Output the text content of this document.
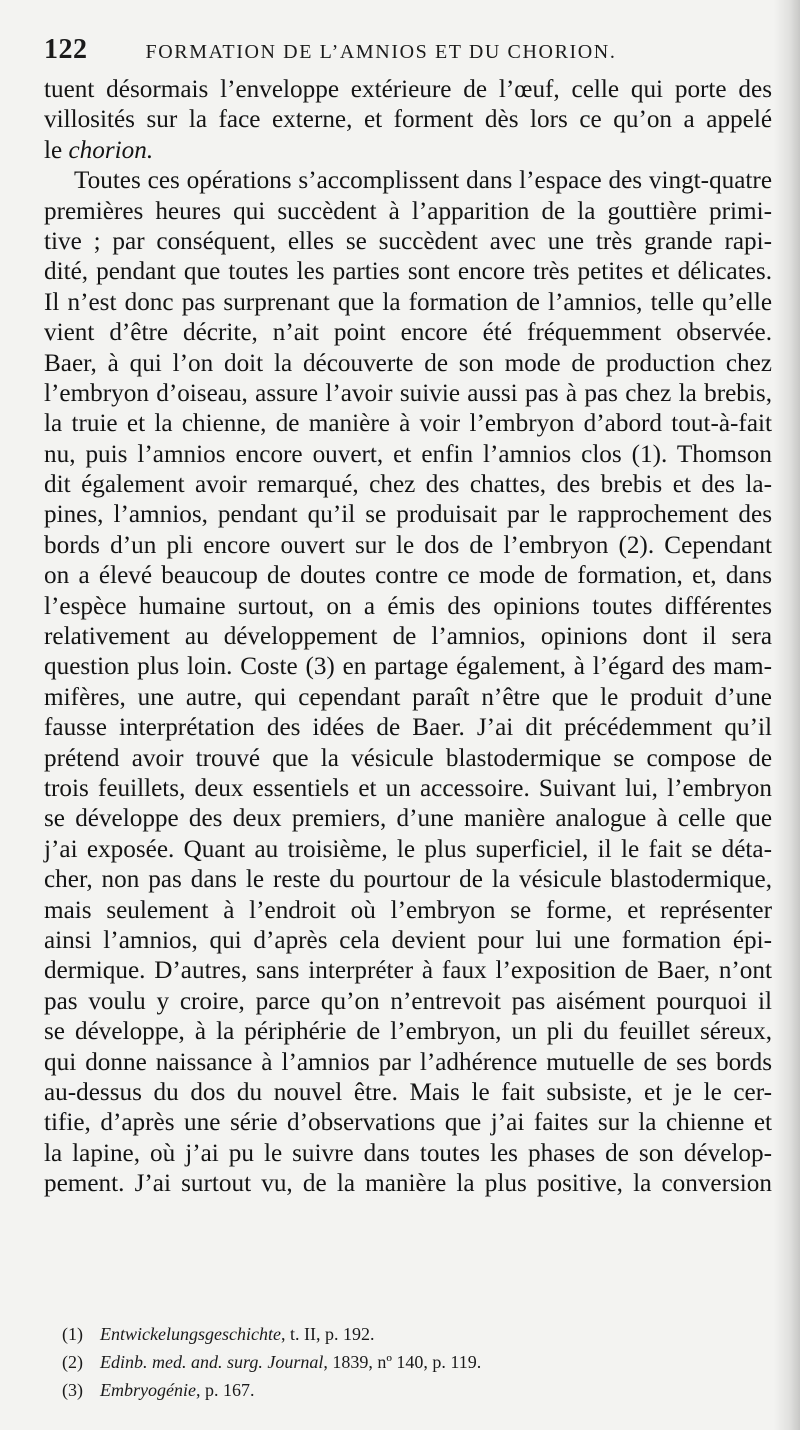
122	FORMATION DE L’AMNIOS ET DU CHORION.
tuent désormais l’enveloppe extérieure de l’œuf, celle qui porte des
villosités sur la face externe, et forment dès lors ce qu’on a appelé
le chorion.
Toutes ces opérations s’accomplissent dans l’espace des vingt-quatre
premières heures qui succèdent à l’apparition de la gouttière primi-
tive ; par conséquent, elles se succèdent avec une très grande rapi-
dité, pendant que toutes les parties sont encore très petites et délicates.
Il n’est donc pas surprenant que la formation de l’amnios, telle qu’elle
vient d’être décrite, n’ait point encore été fréquemment observée.
Baer, à qui l’on doit la découverte de son mode de production chez
l’embryon d’oiseau, assure l’avoir suivie aussi pas à pas chez la brebis,
la truie et la chienne, de manière à voir l’embryon d’abord tout-à-fait
nu, puis l’amnios encore ouvert, et enfin l’amnios clos (1). Thomson
dit également avoir remarqué, chez des chattes, des brebis et des la-
pines, l’amnios, pendant qu’il se produisait par le rapprochement des
bords d’un pli encore ouvert sur le dos de l’embryon (2). Cependant
on a élevé beaucoup de doutes contre ce mode de formation, et, dans
l’espèce humaine surtout, on a émis des opinions toutes différentes
relativement au développement de l’amnios, opinions dont il sera
question plus loin. Coste (3) en partage également, à l’égard des mam-
mifères, une autre, qui cependant paraît n’être que le produit d’une
fausse interprétation des idées de Baer. J’ai dit précédemment qu’il
prétend avoir trouvé que la vésicule blastodermique se compose de
trois feuillets, deux essentiels et un accessoire. Suivant lui, l’embryon
se développe des deux premiers, d’une manière analogue à celle que
j’ai exposée. Quant au troisième, le plus superficiel, il le fait se déta-
cher, non pas dans le reste du pourtour de la vésicule blastodermique,
mais seulement à l’endroit où l’embryon se forme, et représenter
ainsi l’amnios, qui d’après cela devient pour lui une formation épi-
dermique. D’autres, sans interpréter à faux l’exposition de Baer, n’ont
pas voulu y croire, parce qu’on n’entrevoit pas aisément pourquoi il
se développe, à la périphérie de l’embryon, un pli du feuillet séreux,
qui donne naissance à l’amnios par l’adhérence mutuelle de ses bords
au-dessus du dos du nouvel être. Mais le fait subsiste, et je le cer-
tifie, d’après une série d’observations que j’ai faites sur la chienne et
la lapine, où j’ai pu le suivre dans toutes les phases de son dévelop-
pement. J’ai surtout vu, de la manière la plus positive, la conversion
(1) Entwickelungsgeschichte, t. II, p. 192.
(2) Edinb. med. and. surg. Journal, 1839, nº 140, p. 119.
(3) Embryogénie, p. 167.
